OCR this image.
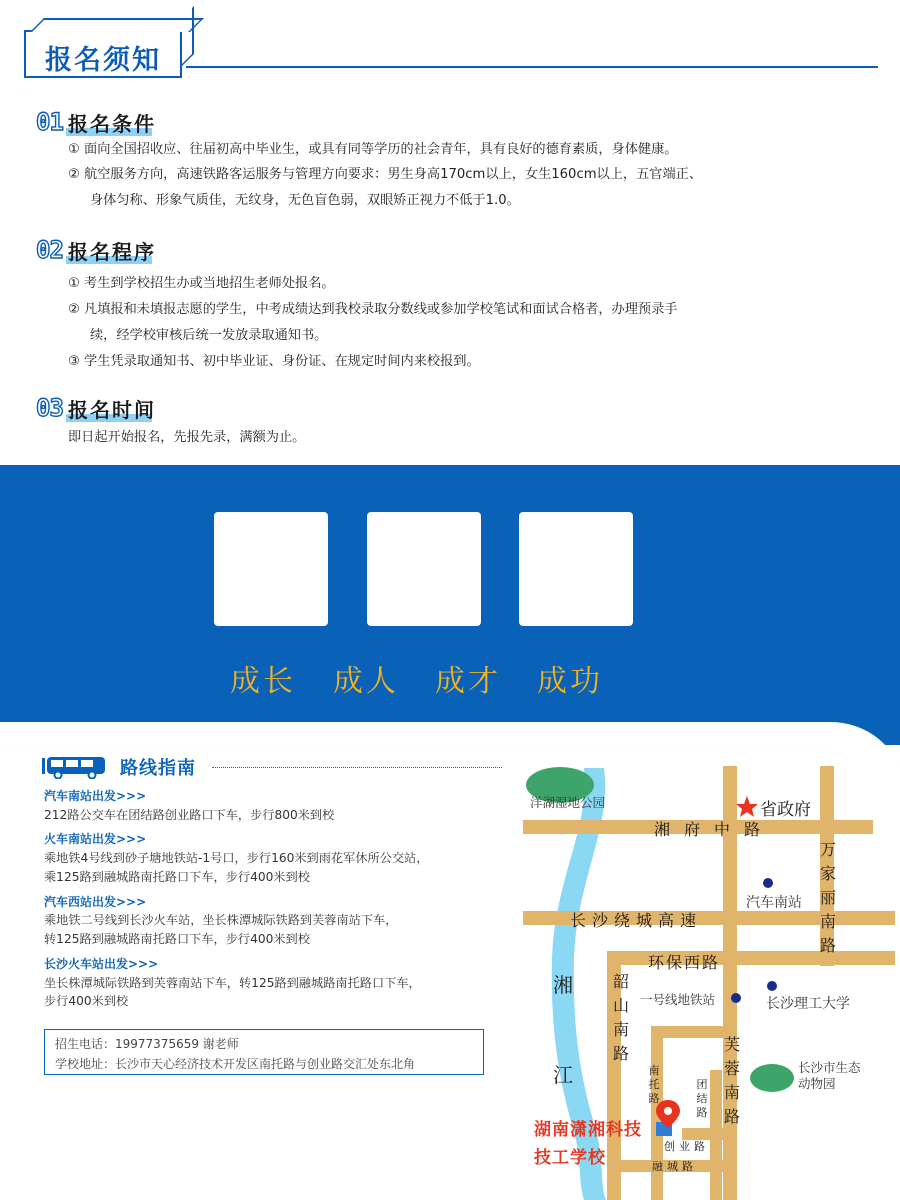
报名须知
01 报名条件
① 面向全国招收应、往届初高中毕业生，或具有同等学历的社会青年，具有良好的德育素质，身体健康。
② 航空服务方向，高速铁路客运服务与管理方向要求：男生身高170cm以上，女生160cm以上，五官端正、
身体匀称、形象气质佳，无纹身，无色盲色弱，双眼矫正视力不低于1.0。
02 报名程序
① 考生到学校招生办或当地招生老师处报名。
② 凡填报和未填报志愿的学生，中考成绩达到我校录取分数线或参加学校笔试和面试合格者，办理预录手
续，经学校审核后统一发放录取通知书。
③ 学生凭录取通知书、初中毕业证、身份证、在规定时间内来校报到。
03 报名时间
即日起开始报名，先报先录，满额为止。
成长 成人 成才 成功
路线指南
汽车南站出发>>>
212路公交车在团结路创业路口下车，步行800米到校
火车南站出发>>>
乘地铁4号线到砂子塘地铁站-1号口，步行160米到雨花军休所公交站，
乘125路到融城路南托路口下车，步行400米到校
汽车西站出发>>>
乘地铁二号线到长沙火车站，坐长株潭城际铁路到芙蓉南站下车，
转125路到融城路南托路口下车，步行400米到校
长沙火车站出发>>>
坐长株潭城际铁路到芙蓉南站下车，转125路到融城路南托路口下车，
步行400米到校
招生电话：19977375659 谢老师
学校地址：长沙市天心经济技术开发区南托路与创业路交汇处东北角
洋湖湿地公园	省政府
湘府中路
万家丽南路
汽车南站
长沙绕城高速
湘江
环保西路
一号线地铁站	长沙理工大学
韶山南路	芙蓉南路
长沙市生态动物园
南托路
团结路
创业路
融城路
湖南潇湘科技技工学校
